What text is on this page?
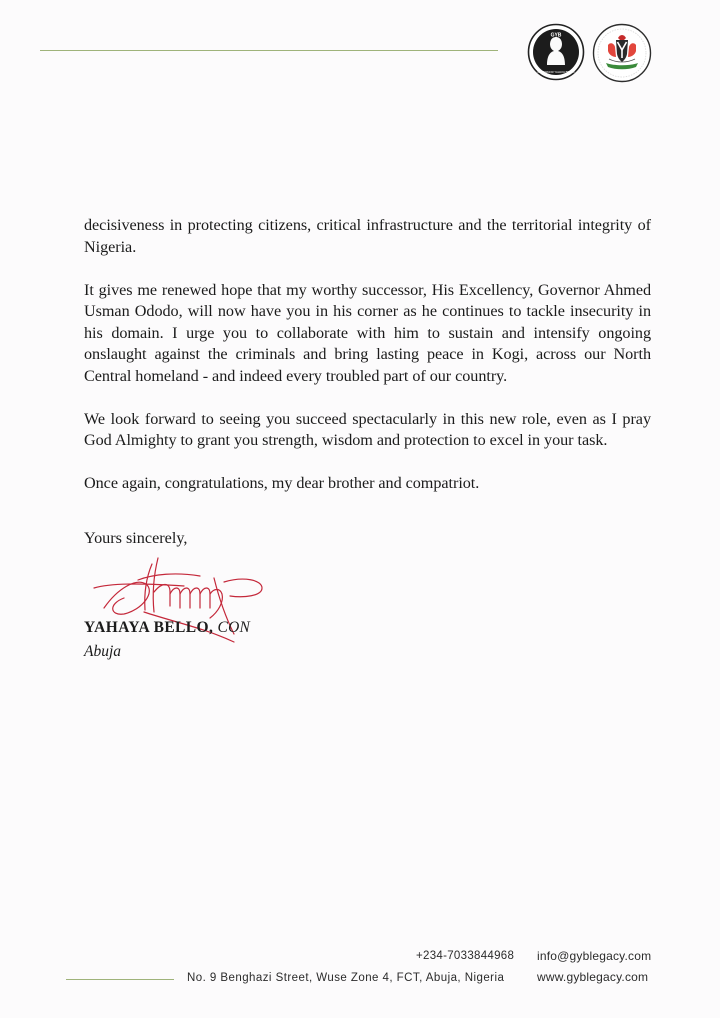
GYB
GOVERNOR YAHAYA BELLO

decisiveness in protecting citizens, critical infrastructure and the territorial integrity of Nigeria.

It gives me renewed hope that my worthy successor, His Excellency, Governor Ahmed Usman Ododo, will now have you in his corner as he continues to tackle insecurity in his domain. I urge you to collaborate with him to sustain and intensify ongoing onslaught against the criminals and bring lasting peace in Kogi, across our North Central homeland - and indeed every troubled part of our country.

We look forward to seeing you succeed spectacularly in this new role, even as I pray God Almighty to grant you strength, wisdom and protection to excel in your task.

Once again, congratulations, my dear brother and compatriot.

Yours sincerely,
YAHAYA BELLO, CON
Abuja
+234-7033844968 info@gyblegacy.com
No. 9 Benghazi Street, Wuse Zone 4, FCT, Abuja, Nigeria	www.gyblegacy.com
